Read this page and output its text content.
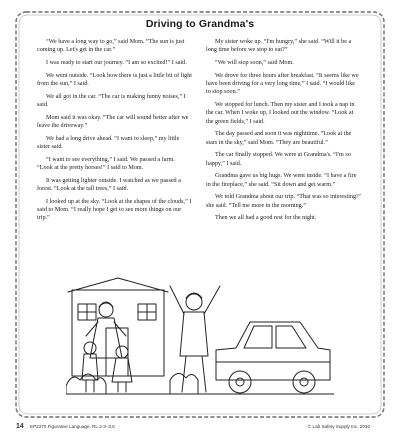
Driving to Grandma's

“We have a long way to go,” said Mom. “The sun is just coming up. Let's get in the car.”

I was ready to start our journey. “I am so excited!” I said.

We went outside. “Look how there is just a little bit of light from the sun,” I said.

We all got in the car. “The car is making funny noises,” I said.

Mom said it was okay. “The car will sound better after we leave the driveway.”

We had a long drive ahead. “I want to sleep,” my little sister said.

“I want to see everything,” I said. We passed a farm. “Look at the pretty horses!” I said to Mom.

It was getting lighter outside. I watched as we passed a forest. “Look at the tall trees,” I said.

I looked up at the sky. “Look at the shapes of the clouds,” I said to Mom. “I really hope I get to see more things on our trip.”

My sister woke up. “I'm hungry,” she said. “Will it be a long time before we stop to eat?”

“We will stop soon,” said Mom.

We drove for three hours after breakfast. “It seems like we have been driving for a very long time,” I said. “I would like to stop soon.”

We stopped for lunch. Then my sister and I took a nap in the car. When I woke up, I looked out the window. “Look at the green fields,” I said.

The day passed and soon it was nighttime. “Look at the stars in the sky,” said Mom. “They are beautiful.”

The car finally stopped. We were at Grandma's. “I'm so happy,” I said.

Grandma gave us big hugs. We went inside. “I have a fire in the fireplace,” she said. “Sit down and get warm.”

We told Grandma about our trip. “That was so interesting!” she said. “Tell me more in the morning.”

Then we all had a good rest for the night.

14 EP2370 Figurative Language, RL.2-3–3.5	© Lab Safety Supply Inc. 2010
